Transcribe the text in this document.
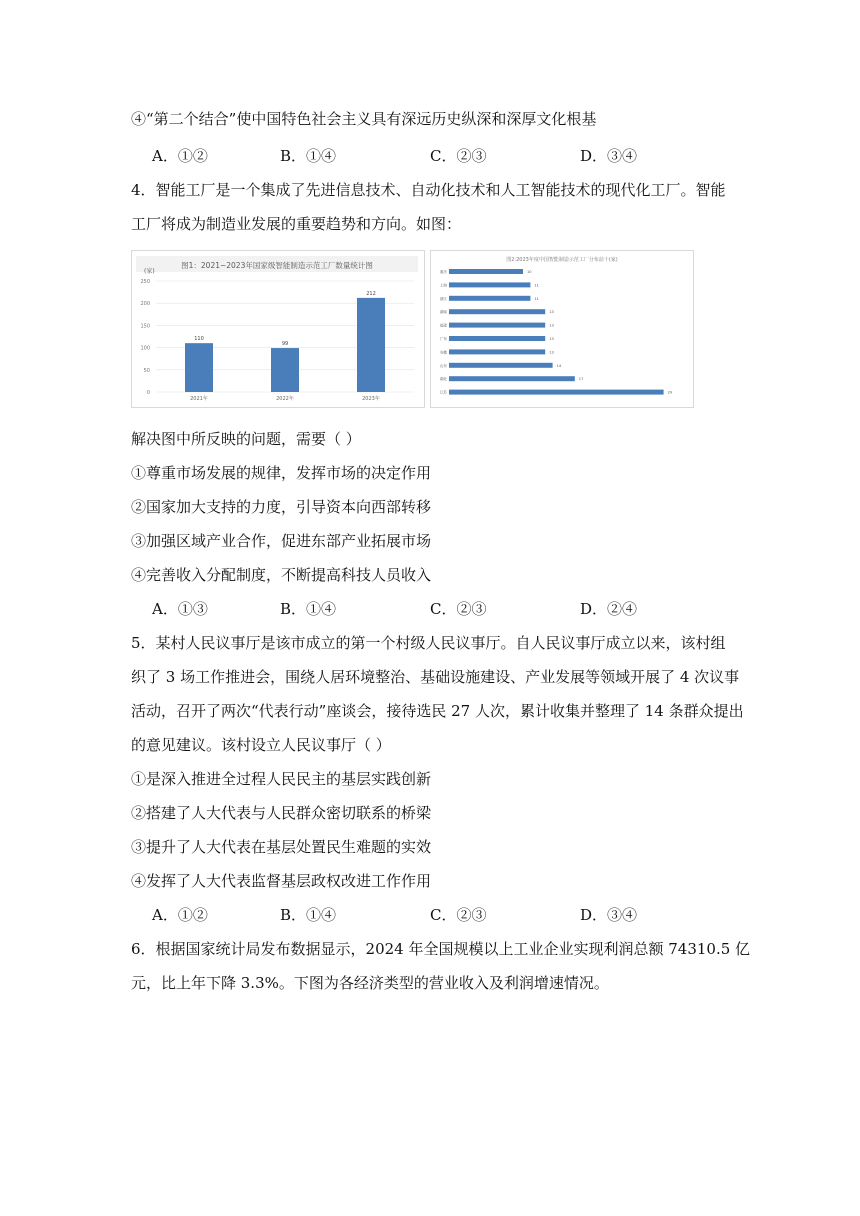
④“第二个结合”使中国特色社会主义具有深远历史纵深和深厚文化根基
A．①②	B．①④	C．②③	D．③④
4．智能工厂是一个集成了先进信息技术、自动化技术和人工智能技术的现代化工厂。智能
工厂将成为制造业发展的重要趋势和方向。如图：
图1：2021~2023年国家级智能制造示范工厂数量统计图
(家)
0
50
100
150
200
250
110
2021年
99
2022年
212
2023年
图2:2023年度中国智能制造示范工厂分布前十(家)
重庆	10
上海	11
浙江	11
湖南	13
福建	13
广东	13
安徽	13
山东	14
湖北	17
江苏	29
解决图中所反映的问题，需要（ ）
①尊重市场发展的规律，发挥市场的决定作用
②国家加大支持的力度，引导资本向西部转移
③加强区域产业合作，促进东部产业拓展市场
④完善收入分配制度，不断提高科技人员收入
A．①③	B．①④	C．②③	D．②④
5．某村人民议事厅是该市成立的第一个村级人民议事厅。自人民议事厅成立以来，该村组
织了 3 场工作推进会，围绕人居环境整治、基础设施建设、产业发展等领域开展了 4 次议事
活动，召开了两次“代表行动”座谈会，接待选民 27 人次，累计收集并整理了 14 条群众提出
的意见建议。该村设立人民议事厅（ ）
①是深入推进全过程人民民主的基层实践创新
②搭建了人大代表与人民群众密切联系的桥梁
③提升了人大代表在基层处置民生难题的实效
④发挥了人大代表监督基层政权改进工作作用
A．①②	B．①④	C．②③	D．③④
6．根据国家统计局发布数据显示，2024 年全国规模以上工业企业实现利润总额 74310.5 亿
元，比上年下降 3.3%。下图为各经济类型的营业收入及利润增速情况。
